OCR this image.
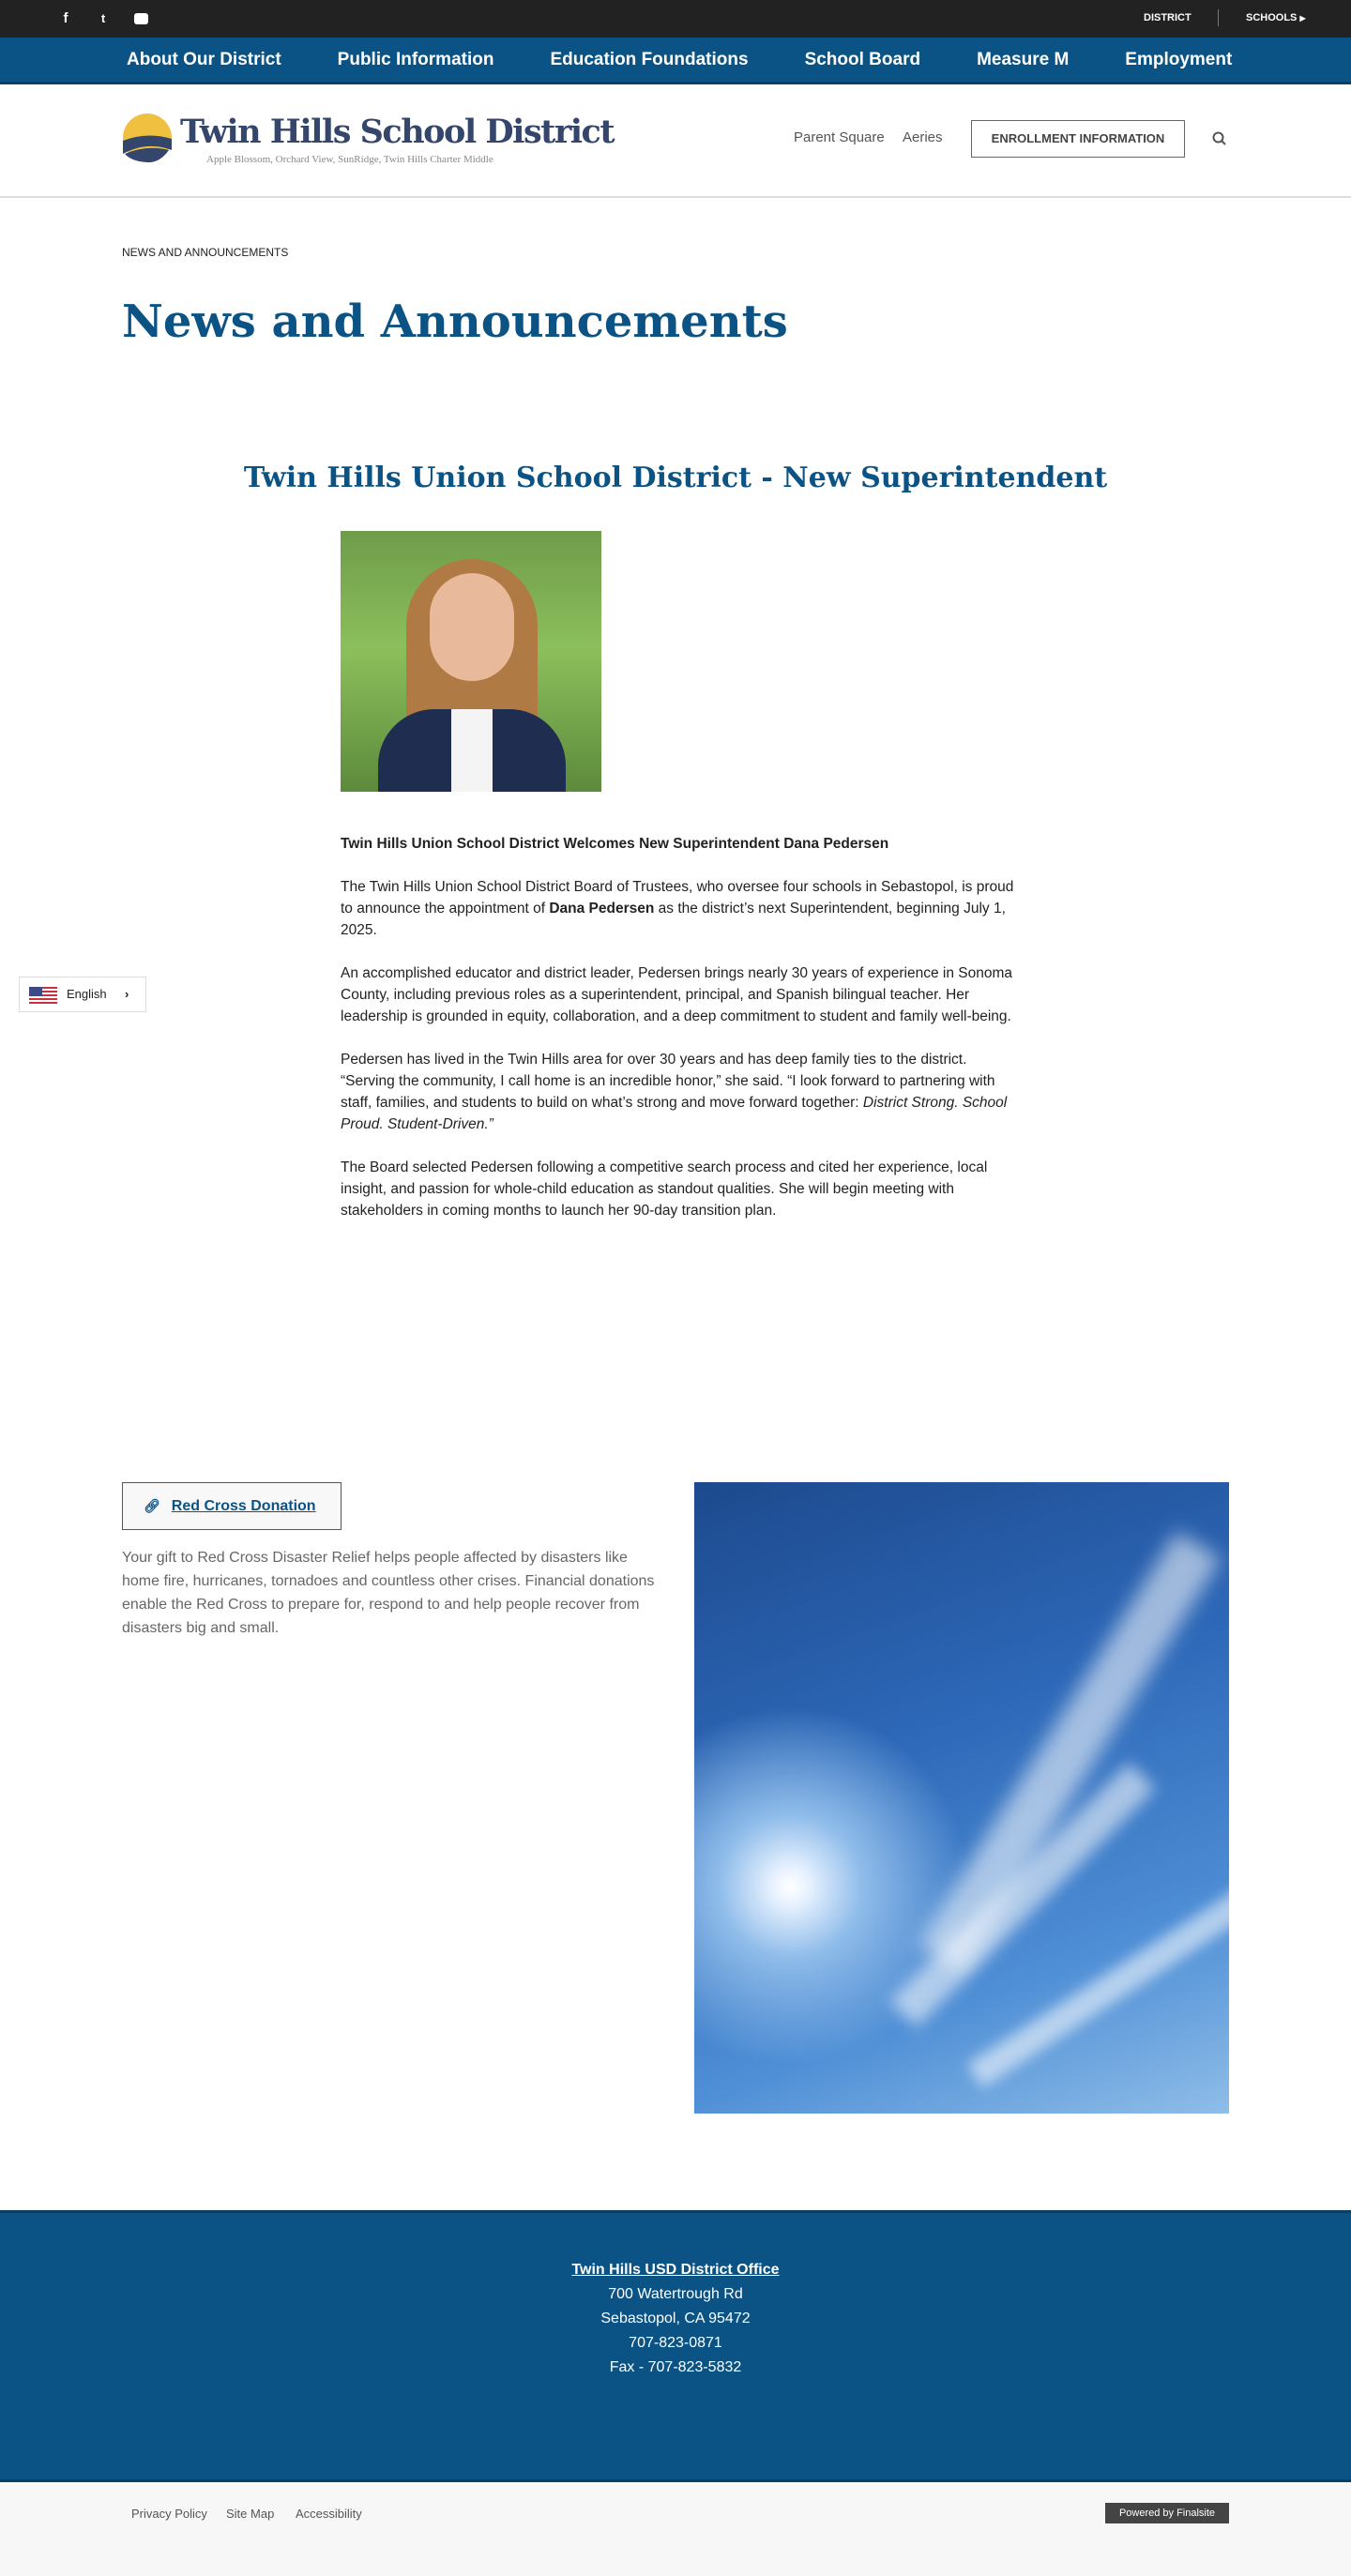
f	t	DISTRICT	SCHOOLS ▶
About Our District	Public Information	Education Foundations	School Board	Measure M	Employment
Twin Hills School District
Apple Blossom, Orchard View, SunRidge, Twin Hills Charter Middle
Parent Square Aeries	ENROLLMENT INFORMATION
NEWS AND ANNOUNCEMENTS
News and Announcements
Twin Hills Union School District - New Superintendent

Twin Hills Union School District Welcomes New Superintendent Dana Pedersen

The Twin Hills Union School District Board of Trustees, who oversee four schools in Sebastopol, is proud to announce the appointment of Dana Pedersen as the district’s next Superintendent, beginning July 1, 2025.

An accomplished educator and district leader, Pedersen brings nearly 30 years of experience in Sonoma County, including previous roles as a superintendent, principal, and Spanish bilingual teacher. Her leadership is grounded in equity, collaboration, and a deep commitment to student and family well-being.

Pedersen has lived in the Twin Hills area for over 30 years and has deep family ties to the district. “Serving the community, I call home is an incredible honor,” she said. “I look forward to partnering with staff, families, and students to build on what’s strong and move forward together: District Strong. School Proud. Student-Driven.”

The Board selected Pedersen following a competitive search process and cited her experience, local insight, and passion for whole-child education as standout qualities. She will begin meeting with stakeholders in coming months to launch her 90-day transition plan.

English ›
🔗︎ Red Cross Donation

Your gift to Red Cross Disaster Relief helps people affected by disasters like home fire, hurricanes, tornadoes and countless other crises. Financial donations enable the Red Cross to prepare for, respond to and help people recover from disasters big and small.

Twin Hills USD District Office
700 Watertrough Rd
Sebastopol, CA 95472
707-823-0871
Fax - 707-823-5832
Privacy Policy Site Map Accessibility	Powered by Finalsite
